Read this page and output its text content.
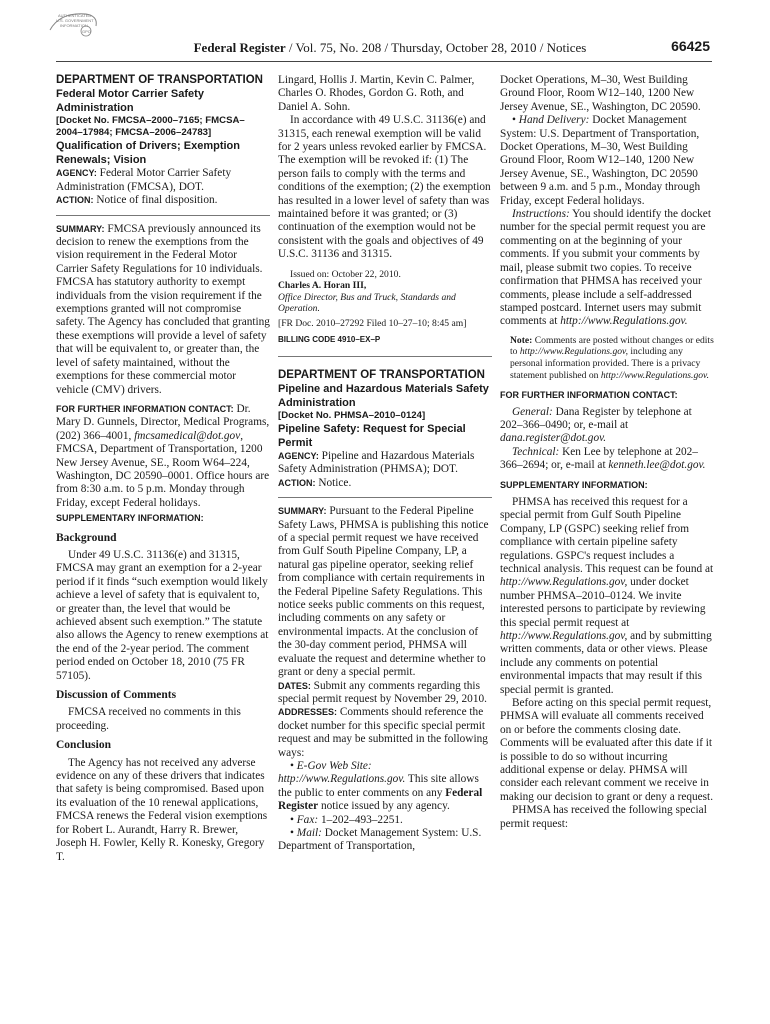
AUTHENTICATED
U.S. GOVERNMENT
INFORMATION
GPO
Federal Register / Vol. 75, No. 208 / Thursday, October 28, 2010 / Notices	66425

DEPARTMENT OF TRANSPORTATION

Federal Motor Carrier Safety Administration

[Docket No. FMCSA–2000–7165; FMCSA–2004–17984; FMCSA–2006–24783]

Qualification of Drivers; Exemption Renewals; Vision

AGENCY: Federal Motor Carrier Safety Administration (FMCSA), DOT.

ACTION: Notice of final disposition.

SUMMARY: FMCSA previously announced its decision to renew the exemptions from the vision requirement in the Federal Motor Carrier Safety Regulations for 10 individuals. FMCSA has statutory authority to exempt individuals from the vision requirement if the exemptions granted will not compromise safety. The Agency has concluded that granting these exemptions will provide a level of safety that will be equivalent to, or greater than, the level of safety maintained, without the exemptions for these commercial motor vehicle (CMV) drivers.

FOR FURTHER INFORMATION CONTACT: Dr. Mary D. Gunnels, Director, Medical Programs, (202) 366–4001, fmcsamedical@dot.gov, FMCSA, Department of Transportation, 1200 New Jersey Avenue, SE., Room W64–224, Washington, DC 20590–0001. Office hours are from 8:30 a.m. to 5 p.m. Monday through Friday, except Federal holidays.

SUPPLEMENTARY INFORMATION:

Background

Under 49 U.S.C. 31136(e) and 31315, FMCSA may grant an exemption for a 2-year period if it finds “such exemption would likely achieve a level of safety that is equivalent to, or greater than, the level that would be achieved absent such exemption.” The statute also allows the Agency to renew exemptions at the end of the 2-year period. The comment period ended on October 18, 2010 (75 FR 57105).

Discussion of Comments

FMCSA received no comments in this proceeding.

Conclusion

The Agency has not received any adverse evidence on any of these drivers that indicates that safety is being compromised. Based upon its evaluation of the 10 renewal applications, FMCSA renews the Federal vision exemptions for Robert L. Aurandt, Harry R. Brewer, Joseph H. Fowler, Kelly R. Konesky, Gregory T.

Lingard, Hollis J. Martin, Kevin C. Palmer, Charles O. Rhodes, Gordon G. Roth, and Daniel A. Sohn.

In accordance with 49 U.S.C. 31136(e) and 31315, each renewal exemption will be valid for 2 years unless revoked earlier by FMCSA. The exemption will be revoked if: (1) The person fails to comply with the terms and conditions of the exemption; (2) the exemption has resulted in a lower level of safety than was maintained before it was granted; or (3) continuation of the exemption would not be consistent with the goals and objectives of 49 U.S.C. 31136 and 31315.

Issued on: October 22, 2010.

Charles A. Horan III,

Office Director, Bus and Truck, Standards and Operation.

[FR Doc. 2010–27292 Filed 10–27–10; 8:45 am]

BILLING CODE 4910–EX–P

DEPARTMENT OF TRANSPORTATION

Pipeline and Hazardous Materials Safety Administration

[Docket No. PHMSA–2010–0124]

Pipeline Safety: Request for Special Permit

AGENCY: Pipeline and Hazardous Materials Safety Administration (PHMSA); DOT.

ACTION: Notice.

SUMMARY: Pursuant to the Federal Pipeline Safety Laws, PHMSA is publishing this notice of a special permit request we have received from Gulf South Pipeline Company, LP, a natural gas pipeline operator, seeking relief from compliance with certain requirements in the Federal Pipeline Safety Regulations. This notice seeks public comments on this request, including comments on any safety or environmental impacts. At the conclusion of the 30-day comment period, PHMSA will evaluate the request and determine whether to grant or deny a special permit.

DATES: Submit any comments regarding this special permit request by November 29, 2010.

ADDRESSES: Comments should reference the docket number for this specific special permit request and may be submitted in the following ways:

• E-Gov Web Site: http://www.Regulations.gov. This site allows the public to enter comments on any Federal Register notice issued by any agency.

• Fax: 1–202–493–2251.

• Mail: Docket Management System: U.S. Department of Transportation,

Docket Operations, M–30, West Building Ground Floor, Room W12–140, 1200 New Jersey Avenue, SE., Washington, DC 20590.

• Hand Delivery: Docket Management System: U.S. Department of Transportation, Docket Operations, M–30, West Building Ground Floor, Room W12–140, 1200 New Jersey Avenue, SE., Washington, DC 20590 between 9 a.m. and 5 p.m., Monday through Friday, except Federal holidays.

Instructions: You should identify the docket number for the special permit request you are commenting on at the beginning of your comments. If you submit your comments by mail, please submit two copies. To receive confirmation that PHMSA has received your comments, please include a self-addressed stamped postcard. Internet users may submit comments at http://www.Regulations.gov.

Note: Comments are posted without changes or edits to http://www.Regulations.gov, including any personal information provided. There is a privacy statement published on http://www.Regulations.gov.

FOR FURTHER INFORMATION CONTACT:

General: Dana Register by telephone at 202–366–0490; or, e-mail at dana.register@dot.gov.

Technical: Ken Lee by telephone at 202–366–2694; or, e-mail at kenneth.lee@dot.gov.

SUPPLEMENTARY INFORMATION:

PHMSA has received this request for a special permit from Gulf South Pipeline Company, LP (GSPC) seeking relief from compliance with certain pipeline safety regulations. GSPC's request includes a technical analysis. This request can be found at http://www.Regulations.gov, under docket number PHMSA–2010–0124. We invite interested persons to participate by reviewing this special permit request at http://www.Regulations.gov, and by submitting written comments, data or other views. Please include any comments on potential environmental impacts that may result if this special permit is granted.

Before acting on this special permit request, PHMSA will evaluate all comments received on or before the comments closing date. Comments will be evaluated after this date if it is possible to do so without incurring additional expense or delay. PHMSA will consider each relevant comment we receive in making our decision to grant or deny a request.

PHMSA has received the following special permit request:
